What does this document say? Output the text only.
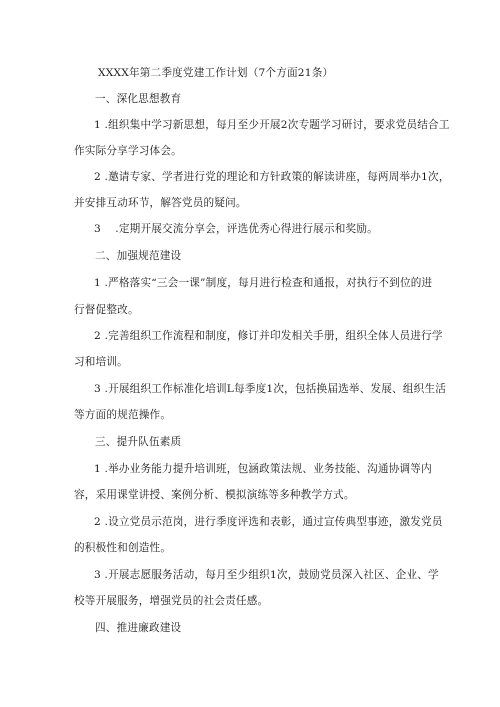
XXXX年第二季度党建工作计划（7个方面21条）
一、深化思想教育
1 .组织集中学习新思想，每月至少开展2次专题学习研讨，要求党员结合工
作实际分享学习体会。
2 .邀请专家、学者进行党的理论和方针政策的解读讲座，每两周举办1次，
并安排互动环节，解答党员的疑问。
3　 .定期开展交流分享会，评选优秀心得进行展示和奖励。
二、加强规范建设
1 .严格落实“三会一课”制度，每月进行检查和通报，对执行不到位的进
行督促整改。
2 .完善组织工作流程和制度，修订并印发相关手册，组织全体人员进行学
习和培训。
3 .开展组织工作标准化培训L每季度1次，包括换届选举、发展、组织生活
等方面的规范操作。
三、提升队伍素质
1 .举办业务能力提升培训班，包涵政策法规、业务技能、沟通协调等内
容，采用课堂讲授、案例分析、模拟演练等多种教学方式。
2 .设立党员示范岗，进行季度评选和表彰，通过宣传典型事迹，激发党员
的积极性和创造性。
3 .开展志愿服务活动，每月至少组织1次，鼓励党员深入社区、企业、学
校等开展服务，增强党员的社会责任感。
四、推进廉政建设
